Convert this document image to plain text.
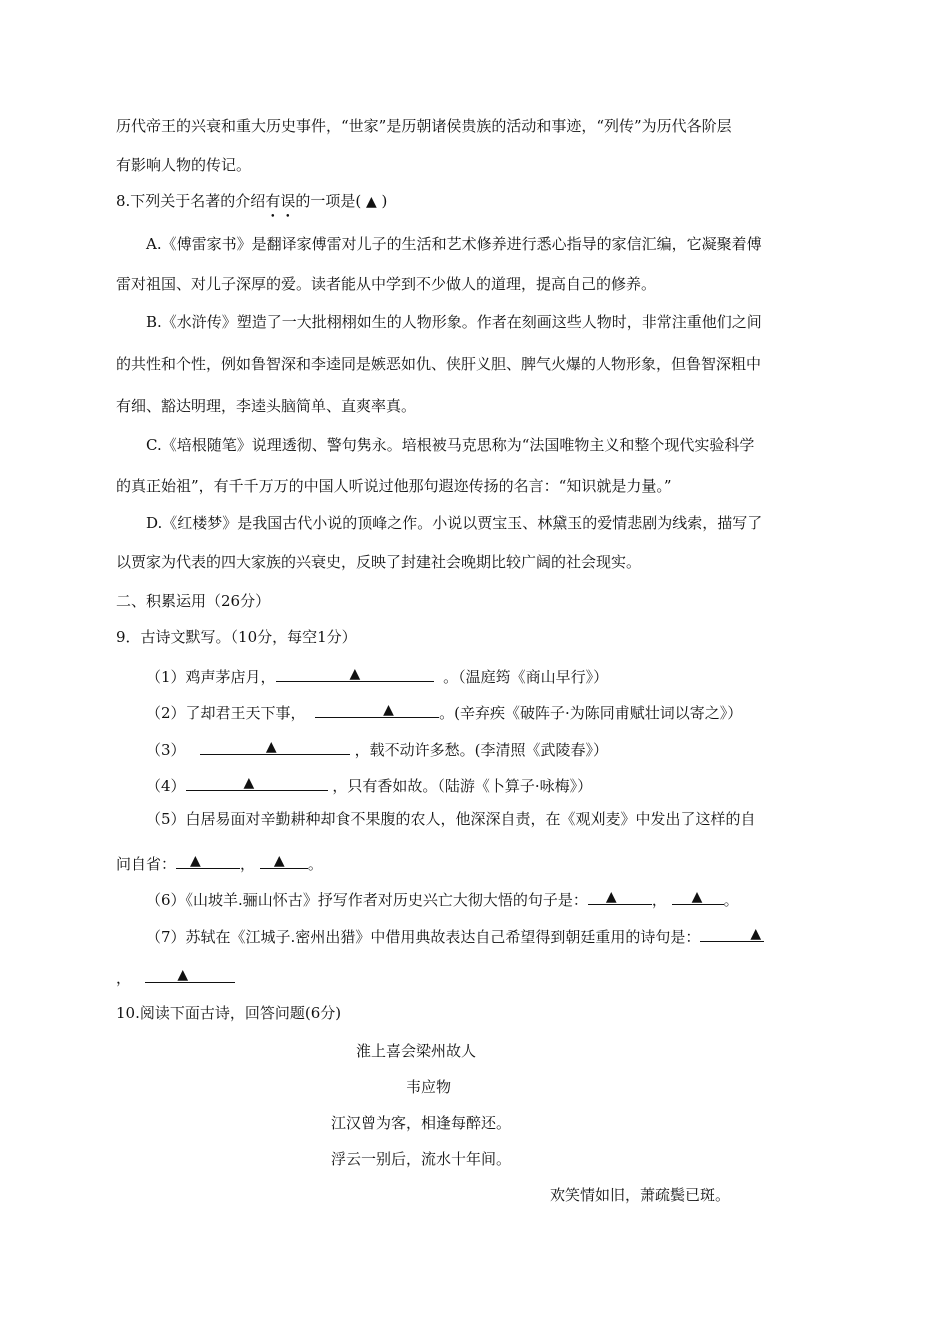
历代帝王的兴衰和重大历史事件，“世家”是历朝诸侯贵族的活动和事迹，“列传”为历代各阶层
有影响人物的传记。
8.下列关于名著的介绍有误的一项是( ▲ )
A.《傅雷家书》是翻译家傅雷对儿子的生活和艺术修养进行悉心指导的家信汇编，它凝聚着傅
雷对祖国、对儿子深厚的爱。读者能从中学到不少做人的道理，提高自己的修养。
B.《水浒传》塑造了一大批栩栩如生的人物形象。作者在刻画这些人物时，非常注重他们之间
的共性和个性，例如鲁智深和李逵同是嫉恶如仇、侠肝义胆、脾气火爆的人物形象，但鲁智深粗中
有细、豁达明理，李逵头脑简单、直爽率真。
C.《培根随笔》说理透彻、警句隽永。培根被马克思称为“法国唯物主义和整个现代实验科学
的真正始祖”，有千千万万的中国人听说过他那句遐迩传扬的名言：“知识就是力量。”
D.《红楼梦》是我国古代小说的顶峰之作。小说以贾宝玉、林黛玉的爱情悲剧为线索，描写了
以贾家为代表的四大家族的兴衰史，反映了封建社会晚期比较广阔的社会现实。
二、积累运用（26分）
9．古诗文默写。（10分，每空1分）
（1）鸡声茅店月，	▲	。（温庭筠《商山早行》）
（2）了却君王天下事，	▲	。(辛弃疾《破阵子·为陈同甫赋壮词以寄之》）
（3）	▲	，载不动许多愁。(李清照《武陵春》）
（4）	▲	，只有香如故。（陆游《卜算子·咏梅》）
（5）白居易面对辛勤耕种却食不果腹的农人，他深深自责，在《观刈麦》中发出了这样的自
问自省： ▲	， ▲ 。
（6）《山坡羊.骊山怀古》抒写作者对历史兴亡大彻大悟的句子是： ▲ ， ▲ 。
（7）苏轼在《江城子.密州出猎》中借用典故表达自己希望得到朝廷重用的诗句是：	▲
，	▲
10.阅读下面古诗，回答问题(6分)
淮上喜会梁州故人
韦应物
江汉曾为客，相逢每醉还。
浮云一别后，流水十年间。
欢笑情如旧，萧疏鬓已斑。
